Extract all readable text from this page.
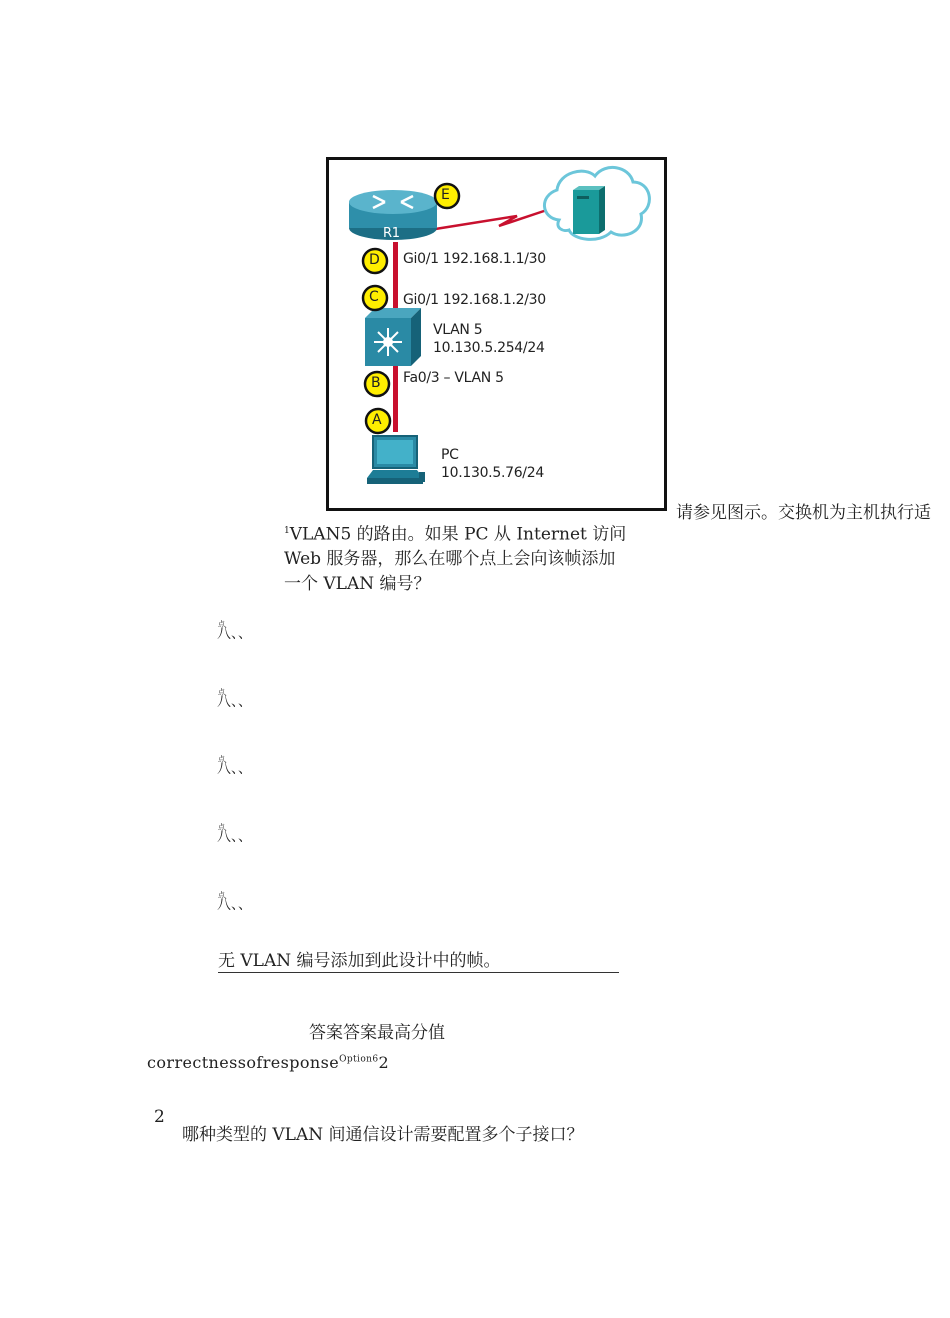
E
D
C
B
A
R1
Gi0/1 192.168.1.1/30
Gi0/1 192.168.1.2/30
VLAN 5
10.130.5.254/24
Fa0/3 – VLAN 5
PC
10.130.5.76/24
请参见图示。交换机为主机执行适
$^1$VLAN5 的路由。如果 PC 从 Internet 访问 Web 服务器，那么在哪个点上会向该帧添加一个 VLAN 编号？
点
八、、
点
八、、
点
八、、
点
八、、
点
八、、
无 VLAN 编号添加到此设计中的帧。
答案答案最高分值
correctnessofresponse$^{Option6}$2
2
哪种类型的 VLAN 间通信设计需要配置多个子接口？
